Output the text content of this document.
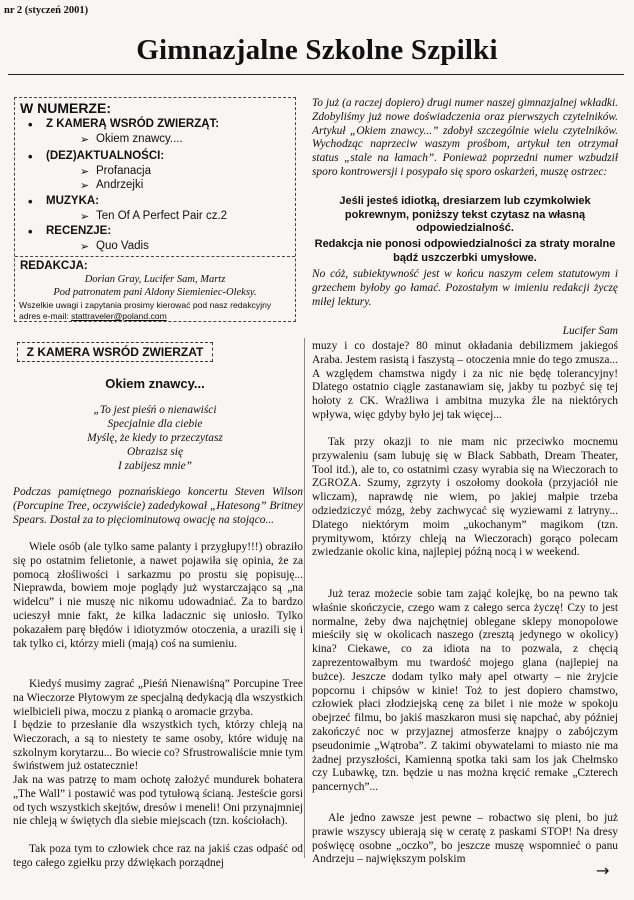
nr 2 (styczeń 2001)
Gimnazjalne Szkolne Szpilki
W NUMERZE:
• Z KAMERĄ WSRÓD ZWIERZĄT:
➢ Okiem znawcy....
• (DEZ)AKTUALNOŚCI:
➢ Profanacja
➢ Andrzejki
• MUZYKA:
➢ Ten Of A Perfect Pair cz.2
• RECENZJE:
➢ Quo Vadis
REDAKCJA:
Dorian Gray, Lucifer Sam, Martz
Pod patronatem pani Aldony Siemieniec-Oleksy.
Wszelkie uwagi i zapytania prosimy kierować pod nasz redakcyjny
adres e-mail: stattraveler@poland.com

To już (a raczej dopiero) drugi numer naszej gimnazjalnej wkładki. Zdobyliśmy już nowe doświadczenia oraz pierwszych czytelników. Artykuł „Okiem znawcy...” zdobył szczególnie wielu czytelników. Wychodząc naprzeciw waszym prośbom, artykuł ten otrzymał status „stale na łamach”. Ponieważ poprzedni numer wzbudził sporo kontrowersji i posypało się sporo oskarżeń, muszę ostrzec:

Jeśli jesteś idiotką, dresiarzem lub czymkolwiek pokrewnym, poniższy tekst czytasz na własną odpowiedzialność.

Redakcja nie ponosi odpowiedzialności za straty moralne bądź uszczerbki umysłowe.

No cóż, subiektywność jest w końcu naszym celem statutowym i grzechem byłoby go łamać. Pozostałym w imieniu redakcji życzę miłej lektury.

Lucifer Sam
Z KAMERA WSRÓD ZWIERZAT
Okiem znawcy...
„To jest pieśń o nienawiści
Specjalnie dla ciebie
Myślę, że kiedy to przeczytasz
Obrazisz się
I zabijesz mnie”

Podczas pamiętnego poznańskiego koncertu Steven Wilson (Porcupine Tree, oczywiście) zadedykował „Hatesong” Britney Spears. Dostał za to pięciominutową owację na stojąco...

Wiele osób (ale tylko same palanty i przygłupy!!!) obraziło się po ostatnim felietonie, a nawet pojawiła się opinia, że za pomocą złośliwości i sarkazmu po prostu się popisuję... Nieprawda, bowiem moje poglądy już wystarczająco są „na widelcu” i nie muszę nic nikomu udowadniać. Za to bardzo ucieszył mnie fakt, że kilka ladacznic się uniosło. Tylko pokazałem parę błędów i idiotyzmów otoczenia, a urazili się i tak tylko ci, którzy mieli (mają) coś na sumieniu.

Kiedyś musimy zagrać „Pieśń Nienawiśną” Porcupine Tree na Wieczorze Płytowym ze specjalną dedykacją dla wszystkich wielbicieli piwa, moczu z pianką o aromacie grzyba.

I będzie to przesłanie dla wszystkich tych, którzy chleją na Wieczorach, a są to niestety te same osoby, które widuję na szkolnym korytarzu... Bo wiecie co? Sfrustrowaliście mnie tym świństwem już ostatecznie!

Jak na was patrzę to mam ochotę założyć mundurek bohatera „The Wall” i postawić was pod tytułową ścianą. Jesteście gorsi od tych wszystkich skejtów, dresów i meneli! Oni przynajmniej nie chleją w świętych dla siebie miejscach (tzn. kościołach).

Tak poza tym to człowiek chce raz na jakiś czas odpaść od tego całego zgiełku przy dźwiękach porządnej

muzy i co dostaje? 80 minut okładania debilizmem jakiegoś Araba. Jestem rasistą i faszystą – otoczenia mnie do tego zmusza... A względem chamstwa nigdy i za nic nie będę tolerancyjny! Dlatego ostatnio ciągle zastanawiam się, jakby tu pozbyć się tej hołoty z CK. Wrażliwa i ambitna muzyka źle na niektórych wpływa, więc gdyby było jej tak więcej...

Tak przy okazji to nie mam nic przeciwko mocnemu przywaleniu (sam lubuję się w Black Sabbath, Dream Theater, Tool itd.), ale to, co ostatnimi czasy wyrabia się na Wieczorach to ZGROZA. Szumy, zgrzyty i oszołomy dookoła (przyjaciół nie wliczam), naprawdę nie wiem, po jakiej małpie trzeba odziedziczyć mózg, żeby zachwycać się wyziewami z latryny... Dlatego niektórym moim „ukochanym” magikom (tzn. prymitywom, którzy chleją na Wieczorach) gorąco polecam zwiedzanie okolic kina, najlepiej późną nocą i w weekend.

Już teraz możecie sobie tam zająć kolejkę, bo na pewno tak właśnie skończycie, czego wam z całego serca życzę! Czy to jest normalne, żeby dwa najchętniej oblegane sklepy monopolowe mieściły się w okolicach naszego (zresztą jedynego w okolicy) kina? Ciekawe, co za idiota na to pozwala, z chęcią zaprezentowałbym mu twardość mojego glana (najlepiej na bużce). Jeszcze dodam tylko mały apel otwarty – nie żryjcie popcornu i chipsów w kinie! Toż to jest dopiero chamstwo, człowiek płaci złodziejską cenę za bilet i nie może w spokoju obejrzeć filmu, bo jakiś maszkaron musi się napchać, aby później zakończyć noc w przyjaznej atmosferze knajpy o zabójczym pseudonimie „Wątroba”. Z takimi obywatelami to miasto nie ma żadnej przyszłości, Kamienną spotka taki sam los jak Chełmsko czy Lubawkę, tzn. będzie u nas można kręcić remake „Czterech pancernych”...

Ale jedno zawsze jest pewne – robactwo się pleni, bo już prawie wszyscy ubierają się w ceratę z paskami STOP! Na dresy poświęcę osobne „oczko”, bo jeszcze muszę wspomnieć o panu Andrzeju – największym polskim

→
